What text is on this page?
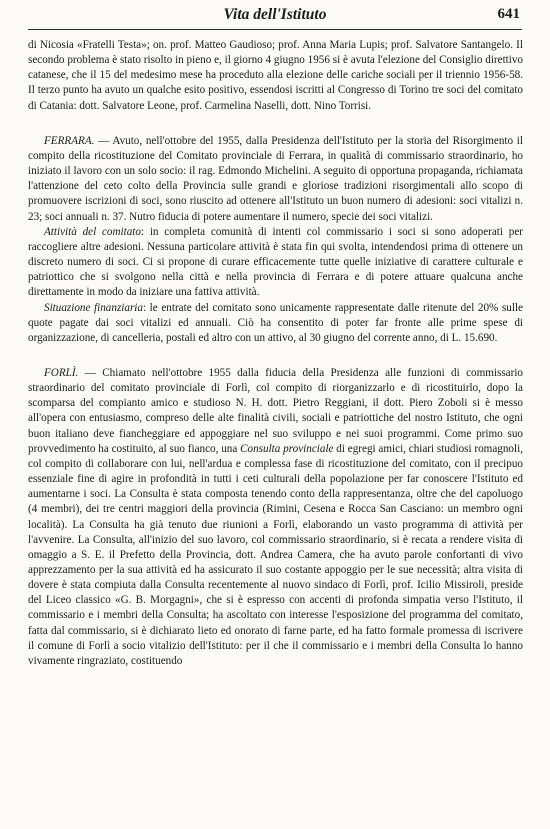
Vita dell'Istituto	641

di Nicosia «Fratelli Testa»; on. prof. Matteo Gaudioso; prof. Anna Maria Lupis; prof. Salvatore Santangelo. Il secondo problema è stato risolto in pieno e, il giorno 4 giugno 1956 si è avuta l'elezione del Consiglio direttivo catanese, che il 15 del medesimo mese ha proceduto alla elezione delle cariche sociali per il triennio 1956-58. Il terzo punto ha avuto un qualche esito positivo, essendosi iscritti al Congresso di Torino tre soci del comitato di Catania: dott. Salvatore Leone, prof. Carmelina Naselli, dott. Nino Torrisi.

FERRARA. — Avuto, nell'ottobre del 1955, dalla Presidenza dell'Istituto per la storia del Risorgimento il compito della ricostituzione del Comitato provinciale di Ferrara, in qualità di commissario straordinario, ho iniziato il lavoro con un solo socio: il rag. Edmondo Michelini. A seguito di opportuna propaganda, richiamata l'attenzione del ceto colto della Provincia sulle grandi e gloriose tradizioni risorgimentali allo scopo di promuovere iscrizioni di soci, sono riuscito ad ottenere all'Istituto un buon numero di adesioni: soci vitalizi n. 23; soci annuali n. 37. Nutro fiducia di potere aumentare il numero, specie dei soci vitalizi.

Attività del comitato: in completa comunità di intenti col commissario i soci si sono adoperati per raccogliere altre adesioni. Nessuna particolare attività è stata fin qui svolta, intendendosi prima di ottenere un discreto numero di soci. Ci si propone di curare efficacemente tutte quelle iniziative di carattere culturale e patriottico che si svolgono nella città e nella provincia di Ferrara e di potere attuare qualcuna anche direttamente in modo da iniziare una fattiva attività.

Situazione finanziaria: le entrate del comitato sono unicamente rappresentate dalle ritenute del 20% sulle quote pagate dai soci vitalizi ed annuali. Ciò ha consentito di poter far fronte alle prime spese di organizzazione, di cancelleria, postali ed altro con un attivo, al 30 giugno del corrente anno, di L. 15.690.

FORLÌ. — Chiamato nell'ottobre 1955 dalla fiducia della Presidenza alle funzioni di commissario straordinario del comitato provinciale di Forlì, col compito di riorganizzarlo e di ricostituirlo, dopo la scomparsa del compianto amico e studioso N. H. dott. Pietro Reggiani, il dott. Piero Zoboli si è messo all'opera con entusiasmo, compreso delle alte finalità civili, sociali e patriottiche del nostro Istituto, che ogni buon italiano deve fiancheggiare ed appoggiare nel suo sviluppo e nei suoi programmi. Come primo suo provvedimento ha costituito, al suo fianco, una Consulta provinciale di egregi amici, chiari studiosi romagnoli, col compito di collaborare con lui, nell'ardua e complessa fase di ricostituzione del comitato, con il precipuo essenziale fine di agire in profondità in tutti i ceti culturali della popolazione per far conoscere l'Istituto ed aumentarne i soci. La Consulta è stata composta tenendo conto della rappresentanza, oltre che del capoluogo (4 membri), dei tre centri maggiori della provincia (Rimini, Cesena e Rocca San Casciano: un membro ogni località). La Consulta ha già tenuto due riunioni a Forlì, elaborando un vasto programma di attività per l'avvenire. La Consulta, all'inizio del suo lavoro, col commissario straordinario, si è recata a rendere visita di omaggio a S. E. il Prefetto della Provincia, dott. Andrea Camera, che ha avuto parole confortanti di vivo apprezzamento per la sua attività ed ha assicurato il suo costante appoggio per le sue necessità; altra visita di dovere è stata compiuta dalla Consulta recentemente al nuovo sindaco di Forlì, prof. Icilio Missiroli, preside del Liceo classico «G. B. Morgagni», che si è espresso con accenti di profonda simpatia verso l'Istituto, il commissario e i membri della Consulta; ha ascoltato con interesse l'esposizione del programma del comitato, fatta dal commissario, si è dichiarato lieto ed onorato di farne parte, ed ha fatto formale promessa di iscrivere il comune di Forlì a socio vitalizio dell'Istituto: per il che il commissario e i membri della Consulta lo hanno vivamente ringraziato, costituendo
